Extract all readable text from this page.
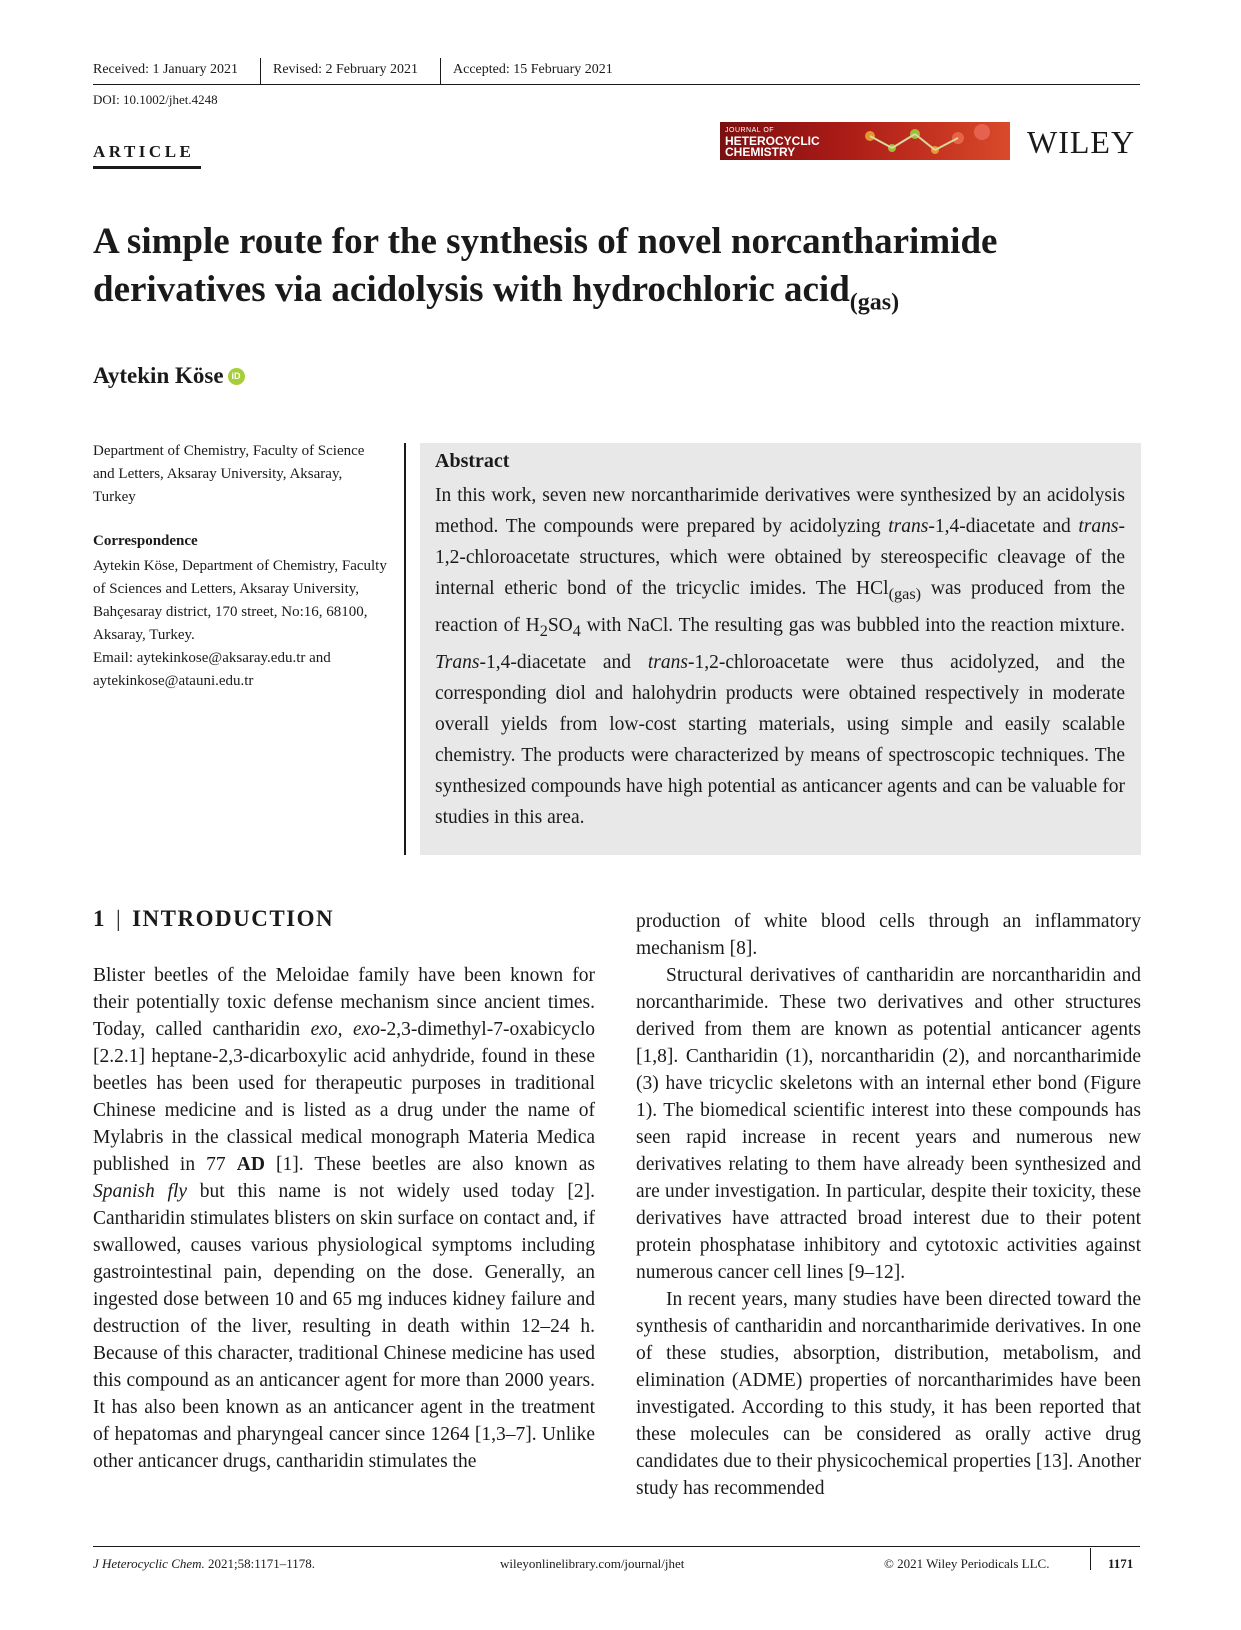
Received: 1 January 2021 Revised: 2 February 2021 Accepted: 15 February 2021
DOI: 10.1002/jhet.4248
ARTICLE
JOURNAL OF
HETEROCYCLIC
CHEMISTRY	WILEY
A simple route for the synthesis of novel norcantharimide derivatives via acidolysis with hydrochloric acid$_{(gas)}$
Aytekin Köse iD
Department of Chemistry, Faculty of Science and Letters, Aksaray University, Aksaray, Turkey
Correspondence
Aytekin Köse, Department of Chemistry, Faculty of Sciences and Letters, Aksaray University, Bahçesaray district, 170 street, No:16, 68100, Aksaray, Turkey.
Email: aytekinkose@aksaray.edu.tr and aytekinkose@atauni.edu.tr
Abstract
In this work, seven new norcantharimide derivatives were synthesized by an acidolysis method. The compounds were prepared by acidolyzing trans-1,4-diacetate and trans-1,2-chloroacetate structures, which were obtained by stereospecific cleavage of the internal etheric bond of the tricyclic imides. The HCl$_{(gas)}$ was produced from the reaction of $H_2SO_4$ with NaCl. The resulting gas was bubbled into the reaction mixture. Trans-1,4-diacetate and trans-1,2-chloroacetate were thus acidolyzed, and the corresponding diol and halohydrin products were obtained respectively in moderate overall yields from low-cost starting materials, using simple and easily scalable chemistry. The products were characterized by means of spectroscopic techniques. The synthesized compounds have high potential as anticancer agents and can be valuable for studies in this area.
1 | INTRODUCTION

Blister beetles of the Meloidae family have been known for their potentially toxic defense mechanism since ancient times. Today, called cantharidin exo, exo-2,3-dimethyl-7-oxabicyclo [2.2.1] heptane-2,3-dicarboxylic acid anhydride, found in these beetles has been used for therapeutic purposes in traditional Chinese medicine and is listed as a drug under the name of Mylabris in the classical medical monograph Materia Medica published in 77 AD [1]. These beetles are also known as Spanish fly but this name is not widely used today [2]. Cantharidin stimulates blisters on skin surface on contact and, if swallowed, causes various physiological symptoms including gastrointestinal pain, depending on the dose. Generally, an ingested dose between 10 and 65 mg induces kidney failure and destruction of the liver, resulting in death within 12–24 h. Because of this character, traditional Chinese medicine has used this compound as an anticancer agent for more than 2000 years. It has also been known as an anticancer agent in the treatment of hepatomas and pharyngeal cancer since 1264 [1,3–7]. Unlike other anticancer drugs, cantharidin stimulates the

production of white blood cells through an inflammatory mechanism [8].

Structural derivatives of cantharidin are norcantharidin and norcantharimide. These two derivatives and other structures derived from them are known as potential anticancer agents [1,8]. Cantharidin (1), norcantharidin (2), and norcantharimide (3) have tricyclic skeletons with an internal ether bond (Figure 1). The biomedical scientific interest into these compounds has seen rapid increase in recent years and numerous new derivatives relating to them have already been synthesized and are under investigation. In particular, despite their toxicity, these derivatives have attracted broad interest due to their potent protein phosphatase inhibitory and cytotoxic activities against numerous cancer cell lines [9–12].

In recent years, many studies have been directed toward the synthesis of cantharidin and norcantharimide derivatives. In one of these studies, absorption, distribution, metabolism, and elimination (ADME) properties of norcantharimides have been investigated. According to this study, it has been reported that these molecules can be considered as orally active drug candidates due to their physicochemical properties [13]. Another study has recommended

J Heterocyclic Chem. 2021;58:1171–1178.	wileyonlinelibrary.com/journal/jhet	© 2021 Wiley Periodicals LLC.	1171
